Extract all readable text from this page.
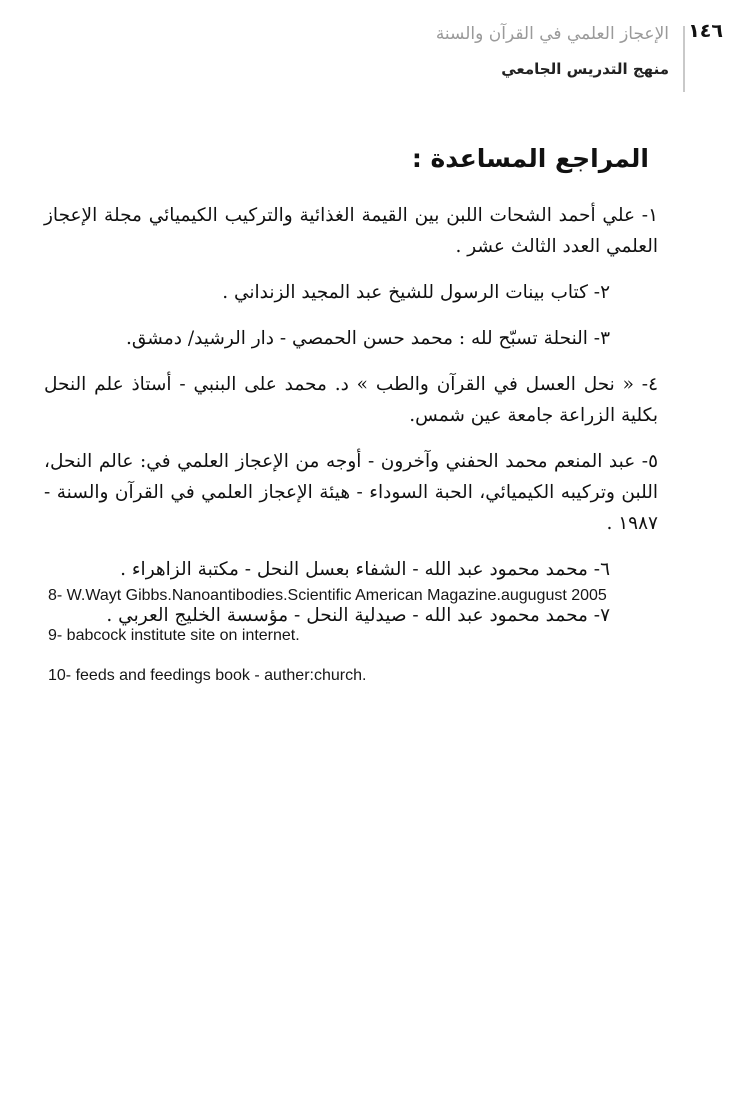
١٤٦
الإعجاز العلمي في القرآن والسنة
منهج التدريس الجامعي
المراجع المساعدة :
١- علي أحمد الشحات اللبن بين القيمة الغذائية والتركيب الكيميائي مجلة الإعجاز العلمي العدد الثالث عشر .
٢- كتاب بينات الرسول للشيخ عبد المجيد الزنداني .
٣- النحلة تسبّح لله : محمد حسن الحمصي - دار الرشيد/ دمشق.
٤- « نحل العسل في القرآن والطب » د. محمد على البنبي - أستاذ علم النحل بكلية الزراعة جامعة عين شمس.
٥- عبد المنعم محمد الحفني وآخرون - أوجه من الإعجاز العلمي في: عالم النحل، اللبن وتركيبه الكيميائي، الحبة السوداء - هيئة الإعجاز العلمي في القرآن والسنة - ١٩٨٧ .
٦- محمد محمود عبد الله - الشفاء بعسل النحل - مكتبة الزاهراء .
٧- محمد محمود عبد الله - صيدلية النحل - مؤسسة الخليج العربي .
8- W.Wayt Gibbs.Nanoantibodies.Scientific American Magazine.augugust 2005
9- babcock institute site on internet.
10- feeds and feedings book - auther:church.
